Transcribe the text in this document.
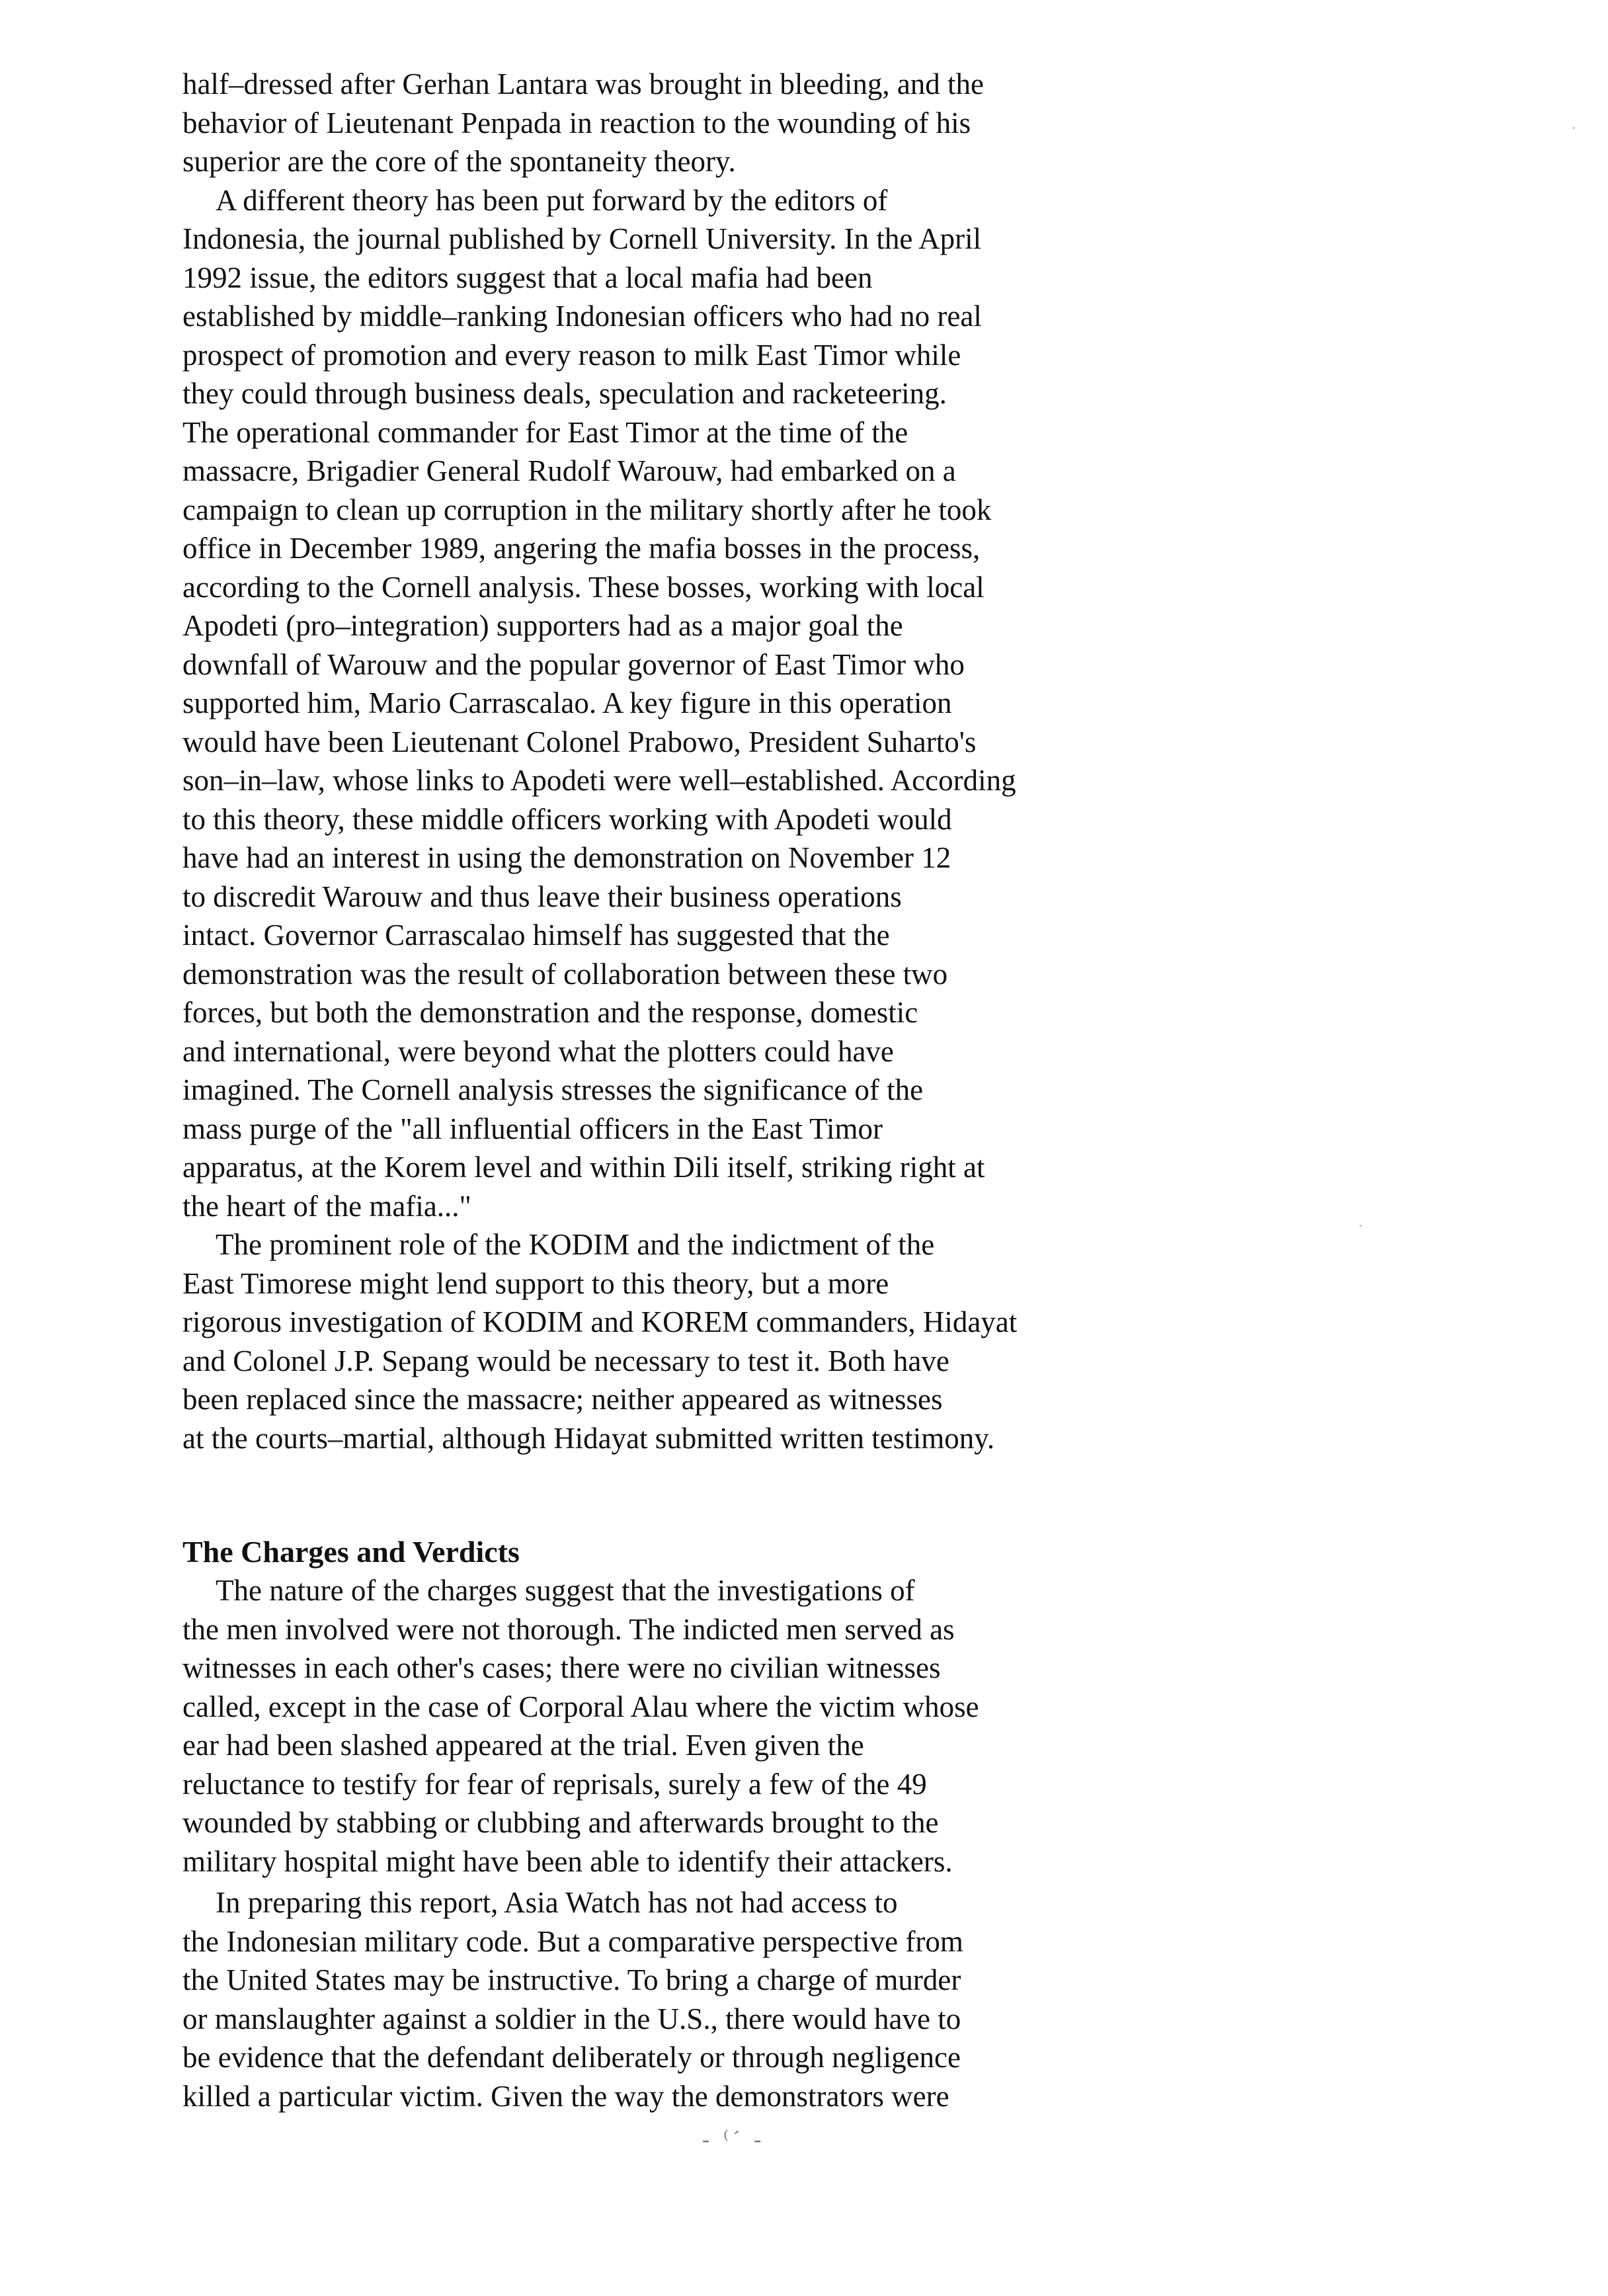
half–dressed after Gerhan Lantara was brought in bleeding, and the
behavior of Lieutenant Penpada in reaction to the wounding of his
superior are the core of the spontaneity theory.
A different theory has been put forward by the editors of
Indonesia, the journal published by Cornell University. In the April
1992 issue, the editors suggest that a local mafia had been
established by middle–ranking Indonesian officers who had no real
prospect of promotion and every reason to milk East Timor while
they could through business deals, speculation and racketeering.
The operational commander for East Timor at the time of the
massacre, Brigadier General Rudolf Warouw, had embarked on a
campaign to clean up corruption in the military shortly after he took
office in December 1989, angering the mafia bosses in the process,
according to the Cornell analysis. These bosses, working with local
Apodeti (pro–integration) supporters had as a major goal the
downfall of Warouw and the popular governor of East Timor who
supported him, Mario Carrascalao. A key figure in this operation
would have been Lieutenant Colonel Prabowo, President Suharto's
son–in–law, whose links to Apodeti were well–established. According
to this theory, these middle officers working with Apodeti would
have had an interest in using the demonstration on November 12
to discredit Warouw and thus leave their business operations
intact. Governor Carrascalao himself has suggested that the
demonstration was the result of collaboration between these two
forces, but both the demonstration and the response, domestic
and international, were beyond what the plotters could have
imagined. The Cornell analysis stresses the significance of the
mass purge of the "all influential officers in the East Timor
apparatus, at the Korem level and within Dili itself, striking right at
the heart of the mafia..."
The prominent role of the KODIM and the indictment of the
East Timorese might lend support to this theory, but a more
rigorous investigation of KODIM and KOREM commanders, Hidayat
and Colonel J.P. Sepang would be necessary to test it. Both have
been replaced since the massacre; neither appeared as witnesses
at the courts–martial, although Hidayat submitted written testimony.
The Charges and Verdicts
The nature of the charges suggest that the investigations of
the men involved were not thorough. The indicted men served as
witnesses in each other's cases; there were no civilian witnesses
called, except in the case of Corporal Alau where the victim whose
ear had been slashed appeared at the trial. Even given the
reluctance to testify for fear of reprisals, surely a few of the 49
wounded by stabbing or clubbing and afterwards brought to the
military hospital might have been able to identify their attackers.
In preparing this report, Asia Watch has not had access to
the Indonesian military code. But a comparative perspective from
the United States may be instructive. To bring a charge of murder
or manslaughter against a soldier in the U.S., there would have to
be evidence that the defendant deliberately or through negligence
killed a particular victim. Given the way the demonstrators were
- ⁽ˊ -
